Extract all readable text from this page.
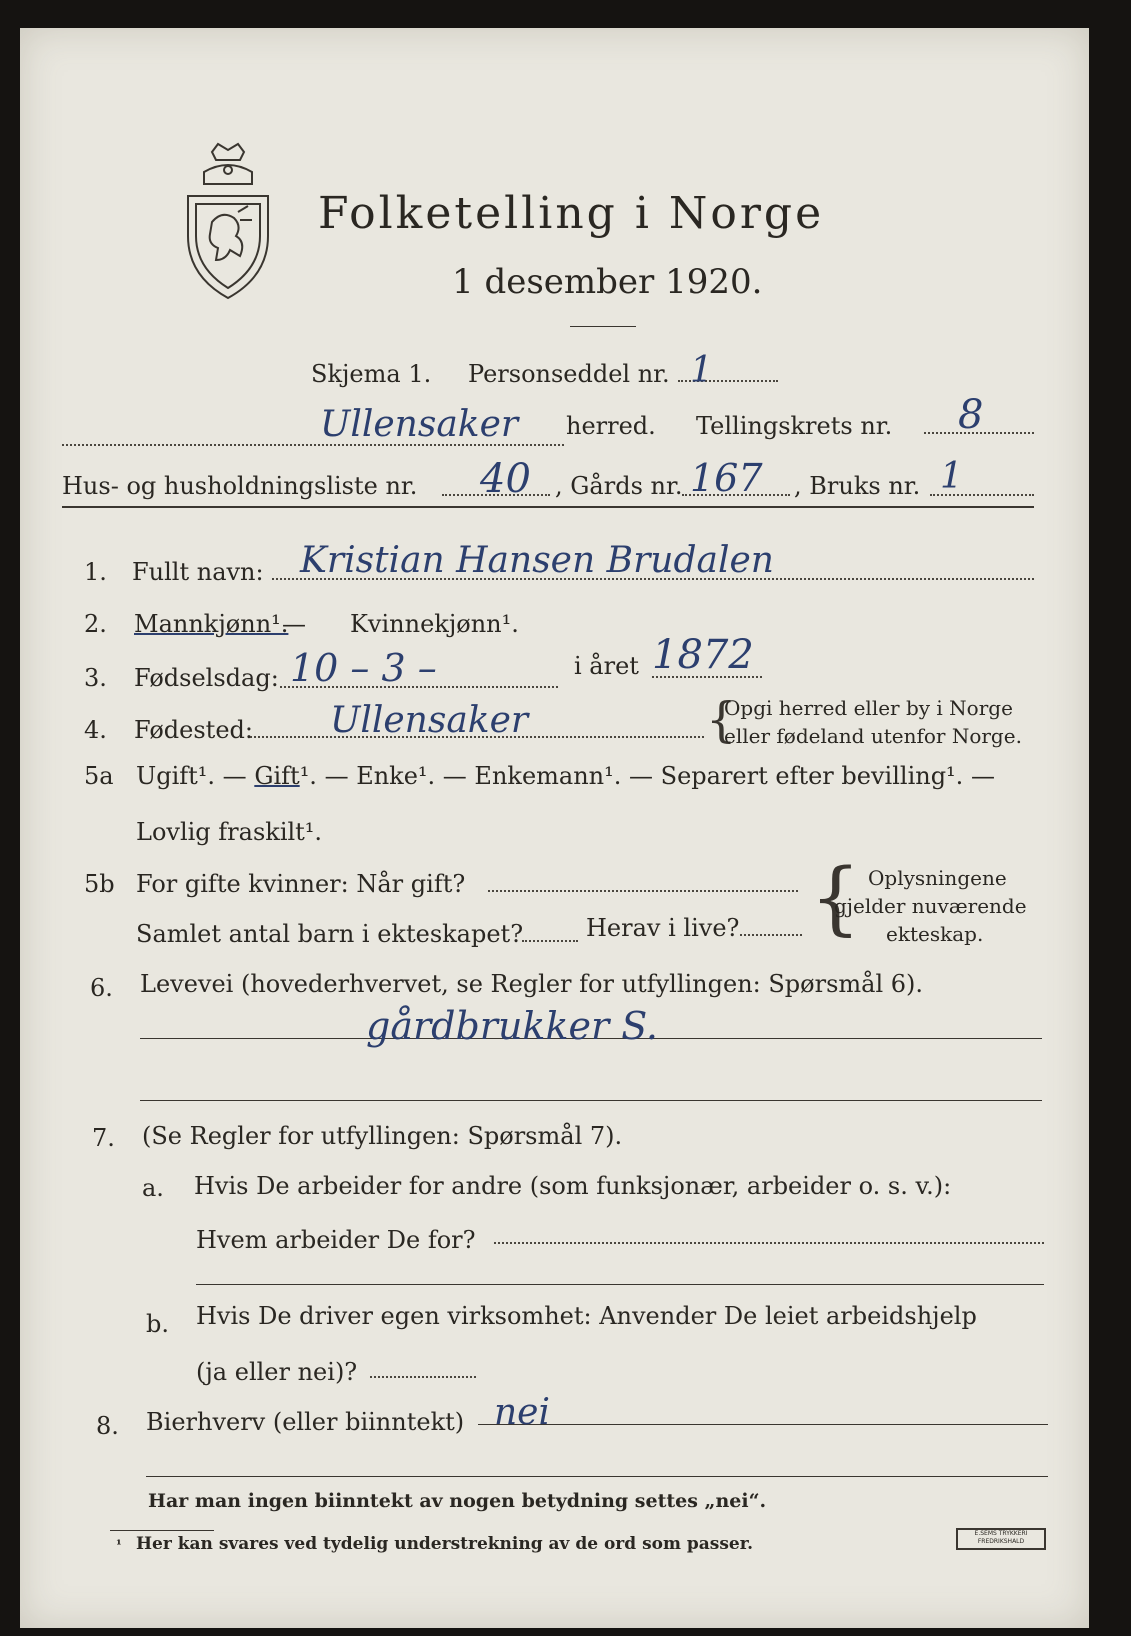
Folketelling i Norge
1 desember 1920.
Skjema 1. Personseddel nr. 1
Ullensaker herred. Tellingskrets nr. 8
Hus- og husholdningsliste nr. 40 , Gårds nr. 167 , Bruks nr. 1
1. Fullt navn: Kristian Hansen Brudalen
2. Mannkjønn¹.
— Kvinnekjønn¹.
3. Fødselsdag: 10 – 3 –	i året 1872
4. Fødested: Ullensaker	{
Opgi herred eller by i Norge
eller fødeland utenfor Norge.
5a Ugift¹. — Gift¹. — Enke¹. — Enkemann¹. — Separert efter bevilling¹. —
Lovlig fraskilt¹.
5b For gifte kvinner: Når gift?
Samlet antal barn i ekteskapet?	Herav i live? { Oplysningene
gjelder nuværende
ekteskap.
6. Levevei (hovederhvervet, se Regler for utfyllingen: Spørsmål 6).
gårdbrukker S.
7. (Se Regler for utfyllingen: Spørsmål 7).
a. Hvis De arbeider for andre (som funksjonær, arbeider o. s. v.):
Hvem arbeider De for?
b. Hvis De driver egen virksomhet: Anvender De leiet arbeidshjelp
(ja eller nei)?
8. Bierhverv (eller biinntekt) nei
Har man ingen biinntekt av nogen betydning settes „nei“.
¹ Her kan svares ved tydelig understrekning av de ord som passer.
E.SEMS TRYKKERI
FREDRIKSHALD
